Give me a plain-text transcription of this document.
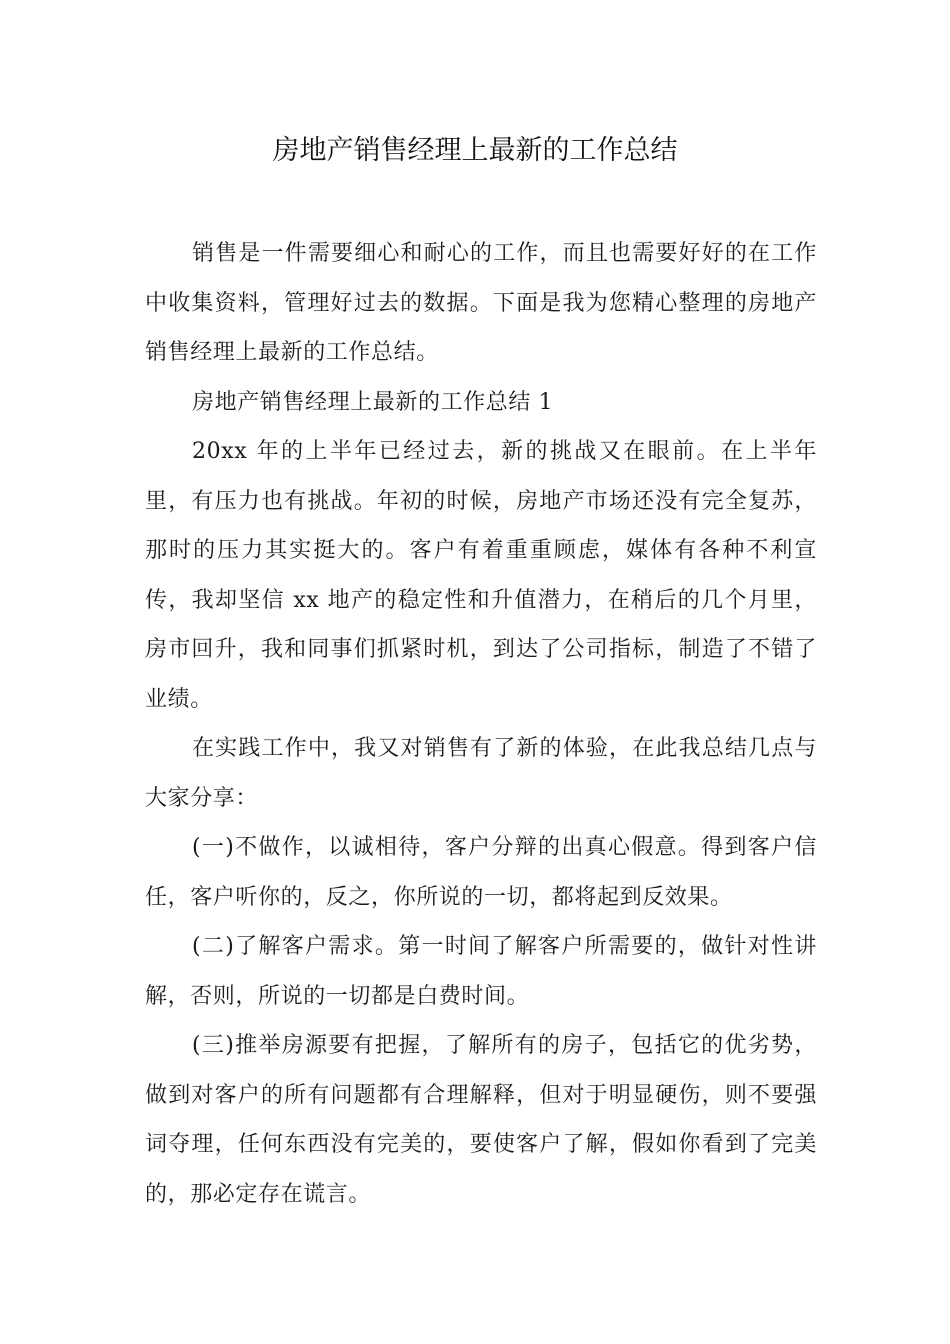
房地产销售经理上最新的工作总结

销售是一件需要细心和耐心的工作，而且也需要好好的在工作中收集资料，管理好过去的数据。下面是我为您精心整理的房地产销售经理上最新的工作总结。

房地产销售经理上最新的工作总结 1

20xx 年的上半年已经过去，新的挑战又在眼前。在上半年里，有压力也有挑战。年初的时候，房地产市场还没有完全复苏，那时的压力其实挺大的。客户有着重重顾虑，媒体有各种不利宣传，我却坚信 xx 地产的稳定性和升值潜力，在稍后的几个月里，房市回升，我和同事们抓紧时机，到达了公司指标，制造了不错了业绩。

在实践工作中，我又对销售有了新的体验，在此我总结几点与大家分享：

(一)不做作，以诚相待，客户分辩的出真心假意。得到客户信任，客户听你的，反之，你所说的一切，都将起到反效果。

(二)了解客户需求。第一时间了解客户所需要的，做针对性讲解，否则，所说的一切都是白费时间。

(三)推举房源要有把握，了解所有的房子，包括它的优劣势，做到对客户的所有问题都有合理解释，但对于明显硬伤，则不要强词夺理，任何东西没有完美的，要使客户了解，假如你看到了完美的，那必定存在谎言。
